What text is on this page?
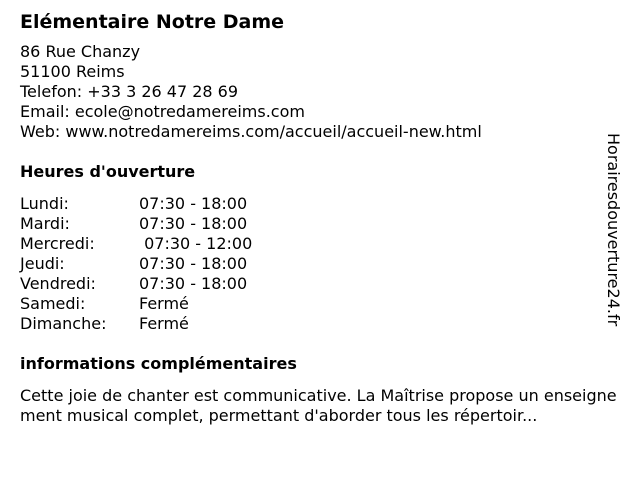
Elémentaire Notre Dame
86 Rue Chanzy
51100 Reims
Telefon: +33 3 26 47 28 69
Email: ecole@notredamereims.com
Web: www.notredamereims.com/accueil/accueil-new.html
Heures d'ouverture
Lundi:	07:30 - 18:00
Mardi:	07:30 - 18:00
Mercredi:	07:30 - 12:00
Jeudi:	07:30 - 18:00
Vendredi:	07:30 - 18:00
Samedi:	Fermé
Dimanche:	Fermé
informations complémentaires
Cette joie de chanter est communicative. La Maîtrise propose un enseignement musical complet, permettant d'aborder tous les répertoir...
Horairesdouverture24.fr
